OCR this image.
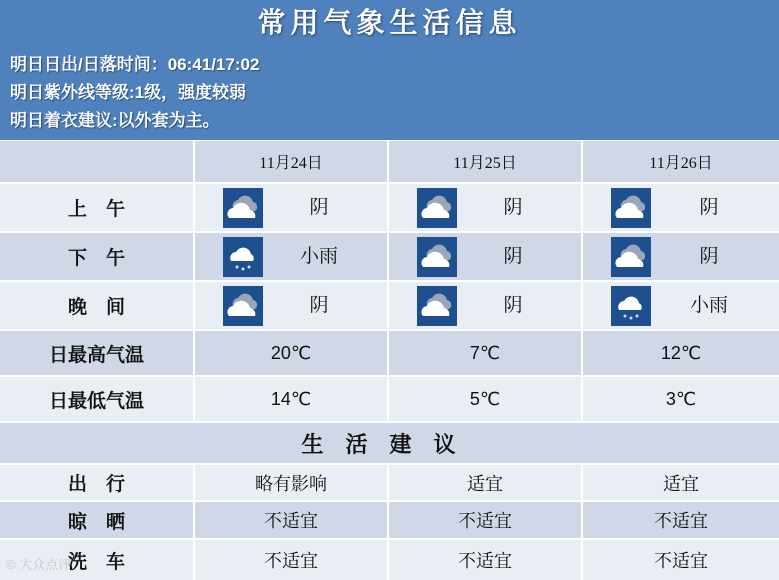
常用气象生活信息
明日日出/日落时间：06:41/17:02
明日紫外线等级:1级，强度较弱
明日着衣建议:以外套为主。
11月24日	11月25日	11月26日
上　午	阴	阴	阴
下　午	小雨	阴	阴
晚　间	阴	阴	小雨
日最高气温	20℃	7℃	12℃
日最低气温	14℃	5℃	3℃
生活建议
出　行	略有影响	适宜	适宜
晾　晒	不适宜	不适宜	不适宜
洗　车	不适宜	不适宜	不适宜
© 大众点评
